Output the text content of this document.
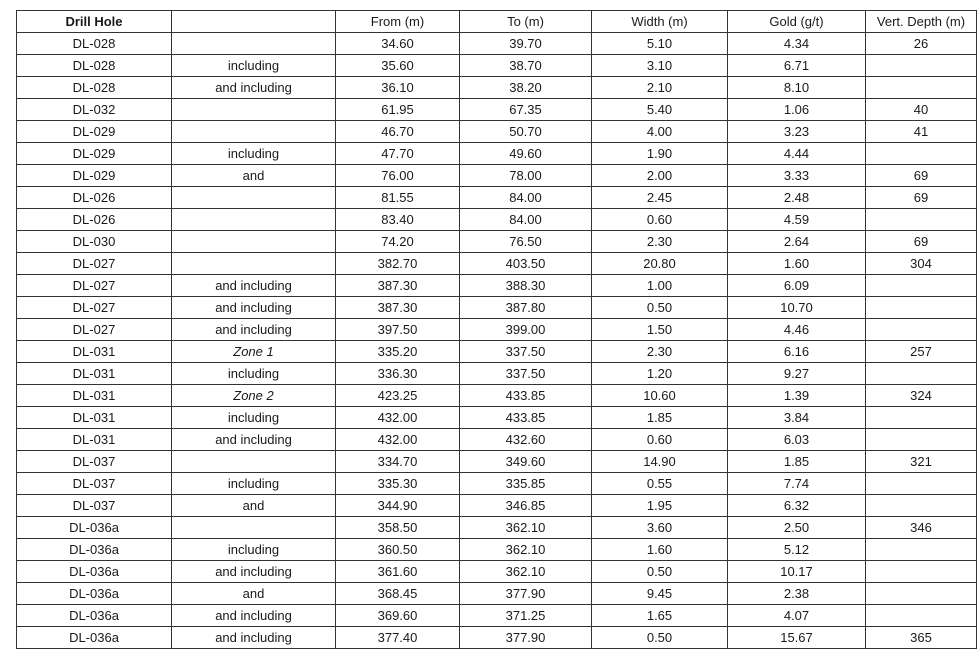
Drill Hole		From (m)	To (m)	Width (m)	Gold (g/t)	Vert. Depth (m)
DL-028		34.60	39.70	5.10	4.34	26
DL-028	including	35.60	38.70	3.10	6.71	
DL-028	and including	36.10	38.20	2.10	8.10	
DL-032		61.95	67.35	5.40	1.06	40
DL-029		46.70	50.70	4.00	3.23	41
DL-029	including	47.70	49.60	1.90	4.44	
DL-029	and	76.00	78.00	2.00	3.33	69
DL-026		81.55	84.00	2.45	2.48	69
DL-026		83.40	84.00	0.60	4.59	
DL-030		74.20	76.50	2.30	2.64	69
DL-027		382.70	403.50	20.80	1.60	304
DL-027	and including	387.30	388.30	1.00	6.09	
DL-027	and including	387.30	387.80	0.50	10.70	
DL-027	and including	397.50	399.00	1.50	4.46	
DL-031	Zone 1	335.20	337.50	2.30	6.16	257
DL-031	including	336.30	337.50	1.20	9.27	
DL-031	Zone 2	423.25	433.85	10.60	1.39	324
DL-031	including	432.00	433.85	1.85	3.84	
DL-031	and including	432.00	432.60	0.60	6.03	
DL-037		334.70	349.60	14.90	1.85	321
DL-037	including	335.30	335.85	0.55	7.74	
DL-037	and	344.90	346.85	1.95	6.32	
DL-036a		358.50	362.10	3.60	2.50	346
DL-036a	including	360.50	362.10	1.60	5.12	
DL-036a	and including	361.60	362.10	0.50	10.17	
DL-036a	and	368.45	377.90	9.45	2.38	
DL-036a	and including	369.60	371.25	1.65	4.07	
DL-036a	and including	377.40	377.90	0.50	15.67	365
